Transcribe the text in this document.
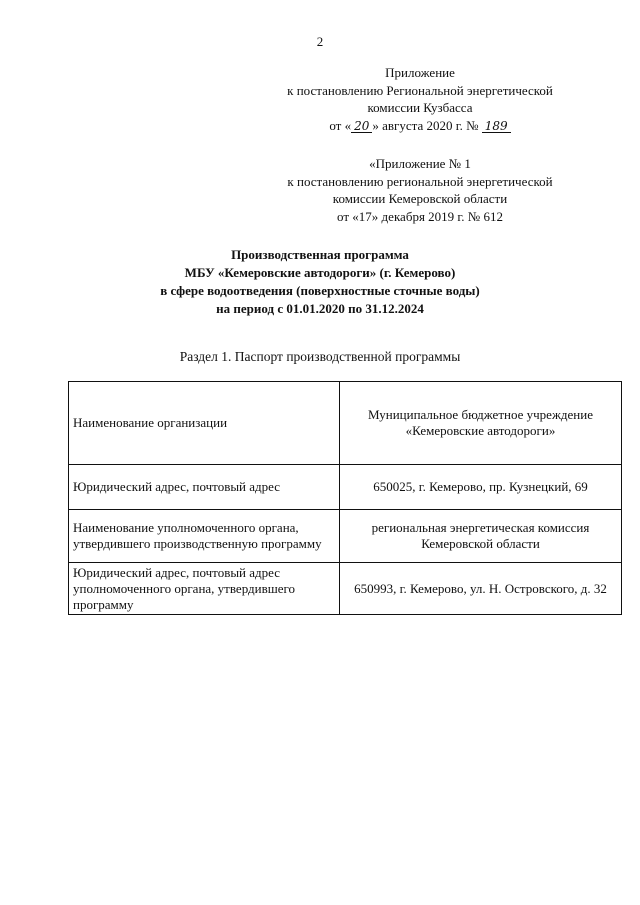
2
Приложение
к постановлению Региональной энергетической
комиссии Кузбасса
от « 20 » августа 2020 г. № 189
«Приложение № 1
к постановлению региональной энергетической
комиссии Кемеровской области
от «17» декабря 2019 г. № 612
Производственная программа
МБУ «Кемеровские автодороги» (г. Кемерово)
в сфере водоотведения (поверхностные сточные воды)
на период с 01.01.2020 по 31.12.2024
Раздел 1. Паспорт производственной программы
Наименование организации	Муниципальное бюджетное учреждение «Кемеровские автодороги»
Юридический адрес, почтовый адрес	650025, г. Кемерово, пр. Кузнецкий, 69
Наименование уполномоченного органа, утвердившего производственную программу	региональная энергетическая комиссия Кемеровской области
Юридический адрес, почтовый адрес уполномоченного органа, утвердившего программу	650993, г. Кемерово, ул. Н. Островского, д. 32
